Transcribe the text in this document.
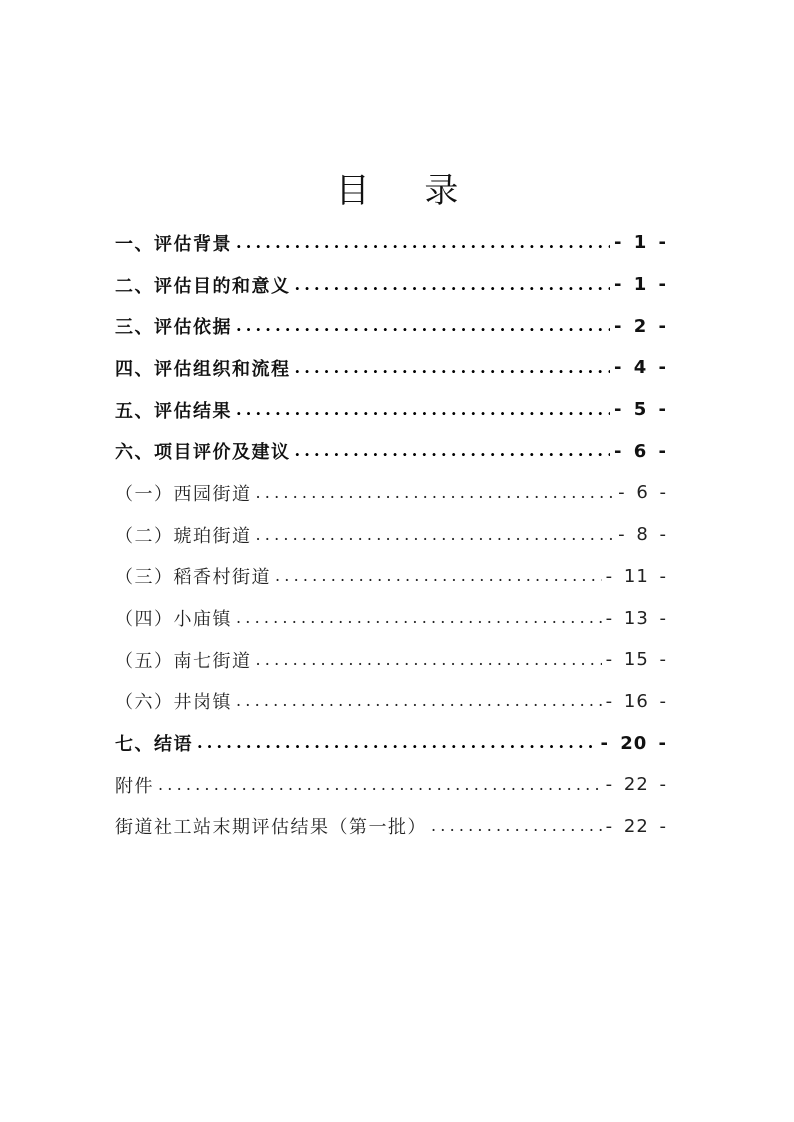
目 录
一、评估背景 .....	- 1 -
二、评估目的和意义 .....	- 1 -
三、评估依据 .....	- 2 -
四、评估组织和流程 .....	- 4 -
五、评估结果 .....	- 5 -
六、项目评价及建议 .....	- 6 -
（一）西园街道 .....	- 6 -
（二）琥珀街道 .....	- 8 -
（三）稻香村街道 .....	- 11 -
（四）小庙镇 .....	- 13 -
（五）南七街道 .....	- 15 -
（六）井岗镇 .....	- 16 -
七、结语 .....	- 20 -
附件 .....	- 22 -
街道社工站末期评估结果（第一批） .....	- 22 -
